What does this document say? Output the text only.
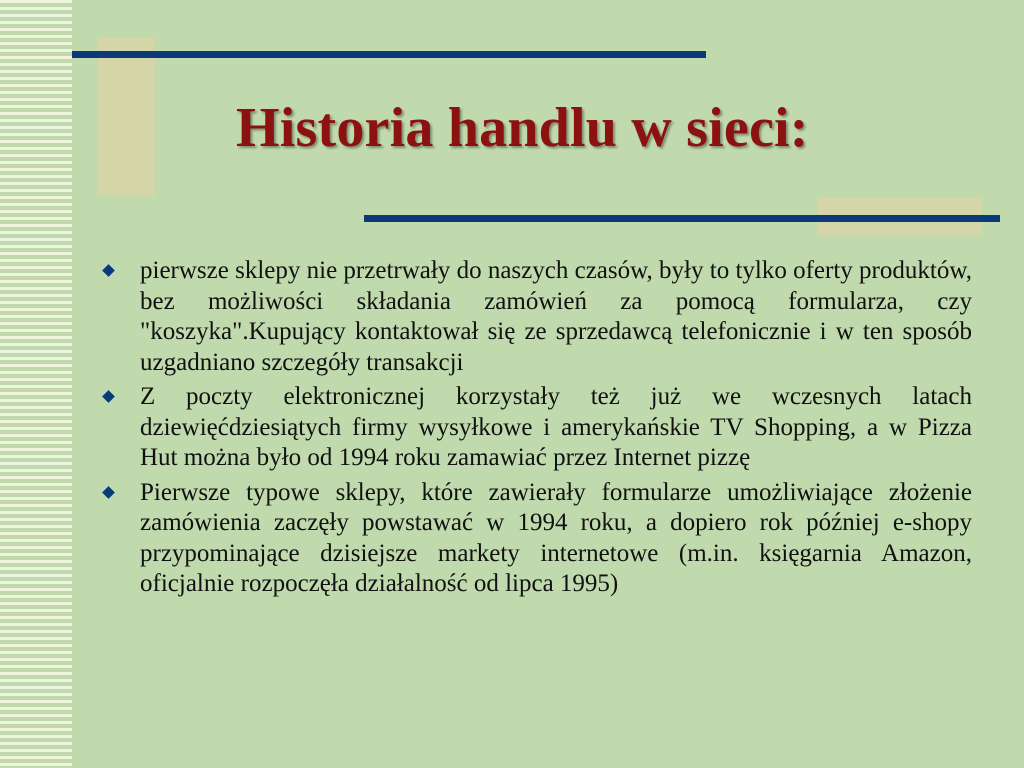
Historia handlu w sieci:
pierwsze sklepy nie przetrwały do naszych czasów, były to tylko oferty produktów, bez możliwości składania zamówień za pomocą formularza, czy "koszyka".Kupujący kontaktował się ze sprzedawcą telefonicznie i w ten sposób uzgadniano szczegóły transakcji
Z poczty elektronicznej korzystały też już we wczesnych latach dziewięćdziesiątych firmy wysyłkowe i amerykańskie TV Shopping, a w Pizza Hut można było od 1994 roku zamawiać przez Internet pizzę
Pierwsze typowe sklepy, które zawierały formularze umożliwiające złożenie zamówienia zaczęły powstawać w 1994 roku, a dopiero rok później e-shopy przypominające dzisiejsze markety internetowe (m.in. księgarnia Amazon, oficjalnie rozpoczęła działalność od lipca 1995)
